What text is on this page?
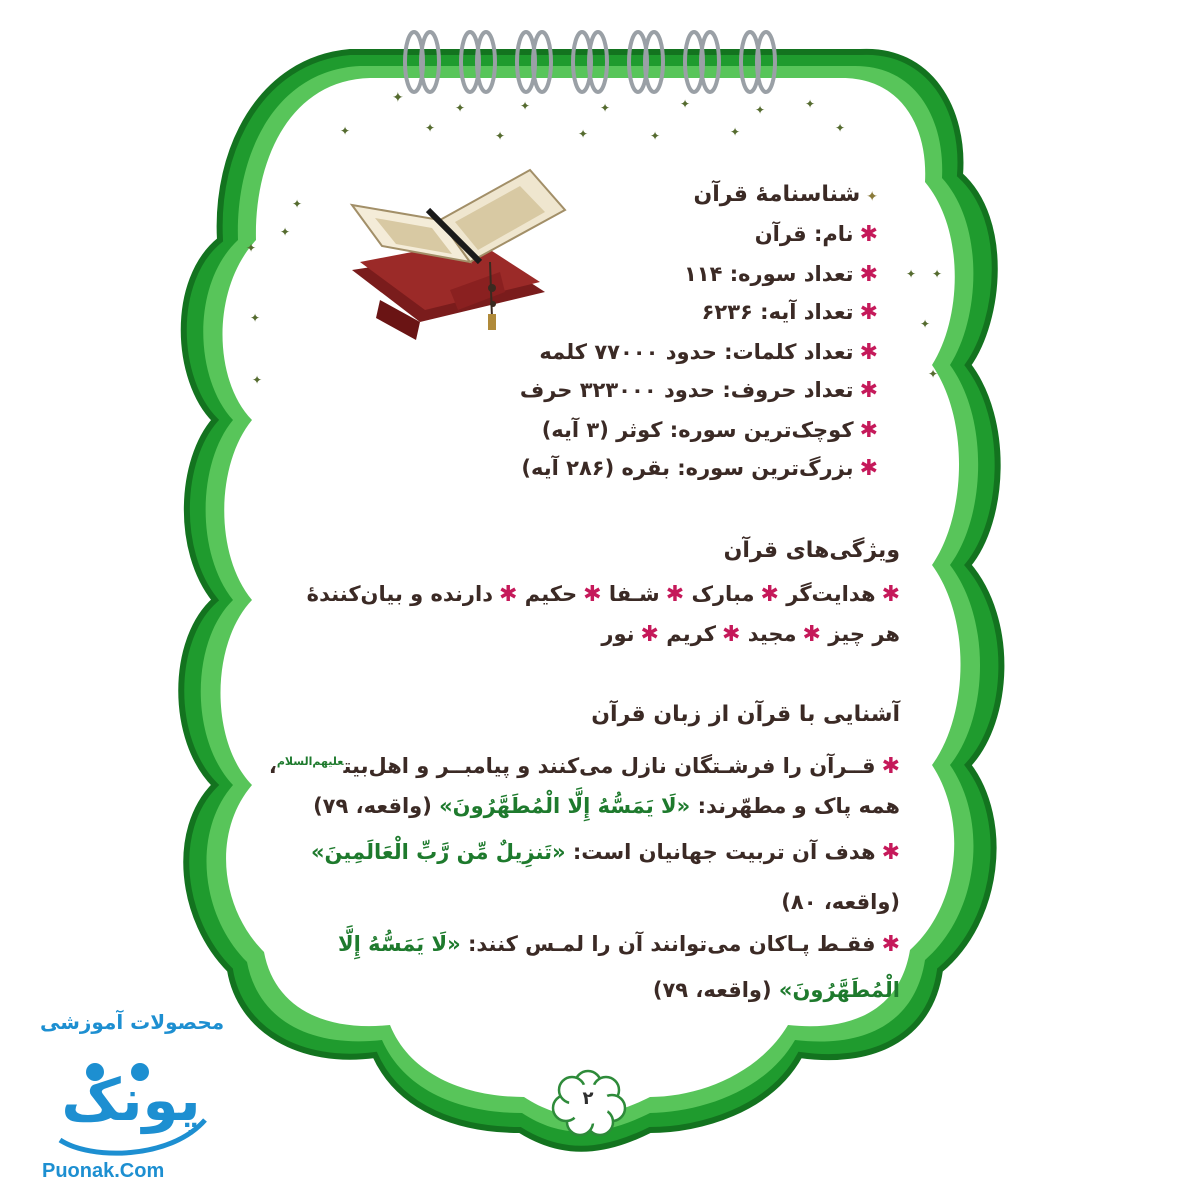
✦
✦	✦	✦	✦	✦	✦
✦	✦
✦	✦	✦	✦	✦
✦
✦
✦
✦
✦
✦ ✦
✦
✦
۲
✦شناسنامهٔ قرآن
✱نام: قرآن
✱تعداد سوره: ۱۱۴
✱تعداد آیه: ۶۲۳۶
✱تعداد کلمات: حدود ۷۷۰۰۰ کلمه
✱تعداد حروف: حدود ۳۲۳۰۰۰ حرف
✱کوچک‌ترین سوره: کوثر (۳ آیه)
✱بزرگ‌ترین سوره: بقره (۲۸۶ آیه)
ویژگی‌های قرآن
✱هدایت‌گر ✱مبارک ✱شـفا ✱حکیم ✱دارنده و بیان‌کنندهٔ
هر چیز ✱مجید ✱کریم ✱نور
آشنایی با قرآن از زبان قرآن
✱قــرآن را فرشـتگان نازل می‌کنند و پیامبــر و اهل‌بیت$^{علیهم‌السلام}$،
همه پاک و مطهّرند: «لَا یَمَسُّهُ إِلَّا الْمُطَهَّرُونَ» (واقعه، ۷۹)
✱هدف آن تربیت جهانیان است: «تَنزِیلٌ مِّن رَّبِّ الْعَالَمِینَ»
(واقعه، ۸۰)
✱فقـط پـاکان می‌توانند آن را لمـس کنند: «لَا یَمَسُّهُ إِلَّا
الْمُطَهَّرُونَ» (واقعه، ۷۹)
محصولات آموزشی
پونک
Puonak.Com
